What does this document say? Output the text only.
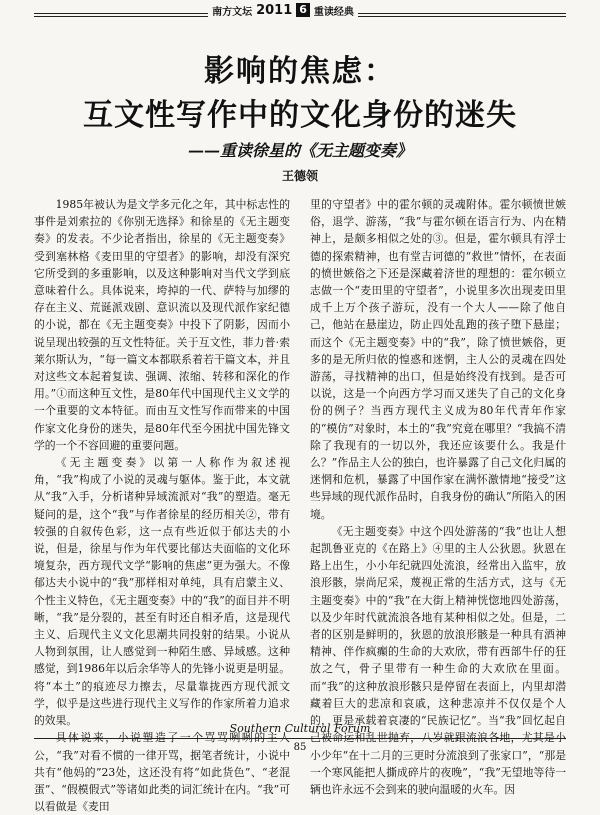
南方文坛 2011 6 重读经典
影响的焦虑：
互文性写作中的文化身份的迷失
——重读徐星的《无主题变奏》
王德领

1985年被认为是文学多元化之年，其中标志性的事件是刘索拉的《你别无选择》和徐星的《无主题变奏》的发表。不少论者指出，徐星的《无主题变奏》受到塞林格《麦田里的守望者》的影响，却没有深究它所受到的多重影响，以及这种影响对当代文学到底意味着什么。具体说来，垮掉的一代、萨特与加缪的存在主义、荒诞派戏剧、意识流以及现代派作家纪德的小说，都在《无主题变奏》中投下了阴影，因而小说呈现出较强的互文性特征。关于互文性，菲力普·索莱尔斯认为，“每一篇文本都联系着若干篇文本，并且对这些文本起着复读、强调、浓缩、转移和深化的作用。”①而这种互文性，是80年代中国现代主义文学的一个重要的文本特征。而由互文性写作而带来的中国作家文化身份的迷失，是80年代至今困扰中国先锋文学的一个不容回避的重要问题。

《无主题变奏》以第一人称作为叙述视角，“我”构成了小说的灵魂与躯体。鉴于此，本文就从“我”入手，分析诸种异域流派对“我”的塑造。毫无疑问的是，这个“我”与作者徐星的经历相关②，带有较强的自叙传色彩，这一点有些近似于郁达夫的小说，但是，徐星与作为年代要比郁达夫面临的文化环境复杂，西方现代文学“影响的焦虑”更为强大。不像郁达夫小说中的“我”那样相对单纯，具有启蒙主义、个性主义特色，《无主题变奏》中的“我”的面目并不明晰，“我”是分裂的，甚至有时还自相矛盾，这是现代主义、后现代主义文化思潮共同投射的结果。小说从人物到氛围，让人感觉到一种陌生感、异域感。这种感觉，到1986年以后余华等人的先锋小说更是明显。将“本土”的痕迹尽力擦去，尽量靠拢西方现代派文学，似乎是这些进行现代主义写作的作家所着力追求的效果。

具体说来，小说塑造了一个骂骂咧咧的主人公，“我”对看不惯的一律开骂，据笔者统计，小说中共有“他妈的”23处，这还没有将“如此货色”、“老混蛋”、“假模假式”等诸如此类的词汇统计在内。“我”可以看做是《麦田

里的守望者》中的霍尔顿的灵魂附体。霍尔顿愤世嫉俗，退学、游荡，“我”与霍尔顿在语言行为、内在精神上，是颇多相似之处的③。但是，霍尔顿具有浮士德的探索精神，也有堂吉诃德的“救世”情怀，在表面的愤世嫉俗之下还是深藏着济世的理想的：霍尔顿立志做一个“麦田里的守望者”，小说里多次出现麦田里成千上万个孩子游玩，没有一个大人——除了他自己，他站在悬崖边，防止四处乱跑的孩子堕下悬崖；而这个《无主题变奏》中的“我”，除了愤世嫉俗，更多的是无所归依的惶惑和迷惘，主人公的灵魂在四处游荡，寻找精神的出口，但是始终没有找到。是否可以说，这是一个向西方学习而又迷失了自己的文化身份的例子？当西方现代主义成为80年代青年作家的“模仿”对象时，本土的“我”究竟在哪里？“我搞不清除了我现有的一切以外，我还应该要什么。我是什么？”作品主人公的独白，也许暴露了自己文化归属的迷惘和危机，暴露了中国作家在满怀激情地“接受”这些异域的现代派作品时，自我身份的确认”所陷入的困境。

《无主题变奏》中这个四处游荡的“我”也让人想起凯鲁亚克的《在路上》④里的主人公狄恩。狄恩在路上出生，小小年纪就四处流浪，经常出入监牢，放浪形骸，崇尚尼采，蔑视正常的生活方式，这与《无主题变奏》中的“我”在大街上精神恍惚地四处游荡，以及少年时代就流浪各地有某种相似之处。但是，二者的区别是鲜明的，狄恩的放浪形骸是一种具有酒神精神、伴作疯癫的生命的大欢欣，带有西部牛仔的狂放之气，骨子里带有一种生命的大欢欣在里面。而“我”的这种放浪形骸只是停留在表面上，内里却潜藏着巨大的悲凉和哀戚，这种悲凉并不仅仅是个人的，更是承载着哀凄的“民族记忆”。当“我”回忆起自己被命运和乱世抛弃，八岁就跟流浪各地，尤其是小小少年“在十二月的三更时分流浪到了张家口”，“那是一个寒风能把人撕成碎片的夜晚”，“我”无望地等待一辆也许永远不会到来的驶向温暖的火车。因

Southern Cultural Forum
85
